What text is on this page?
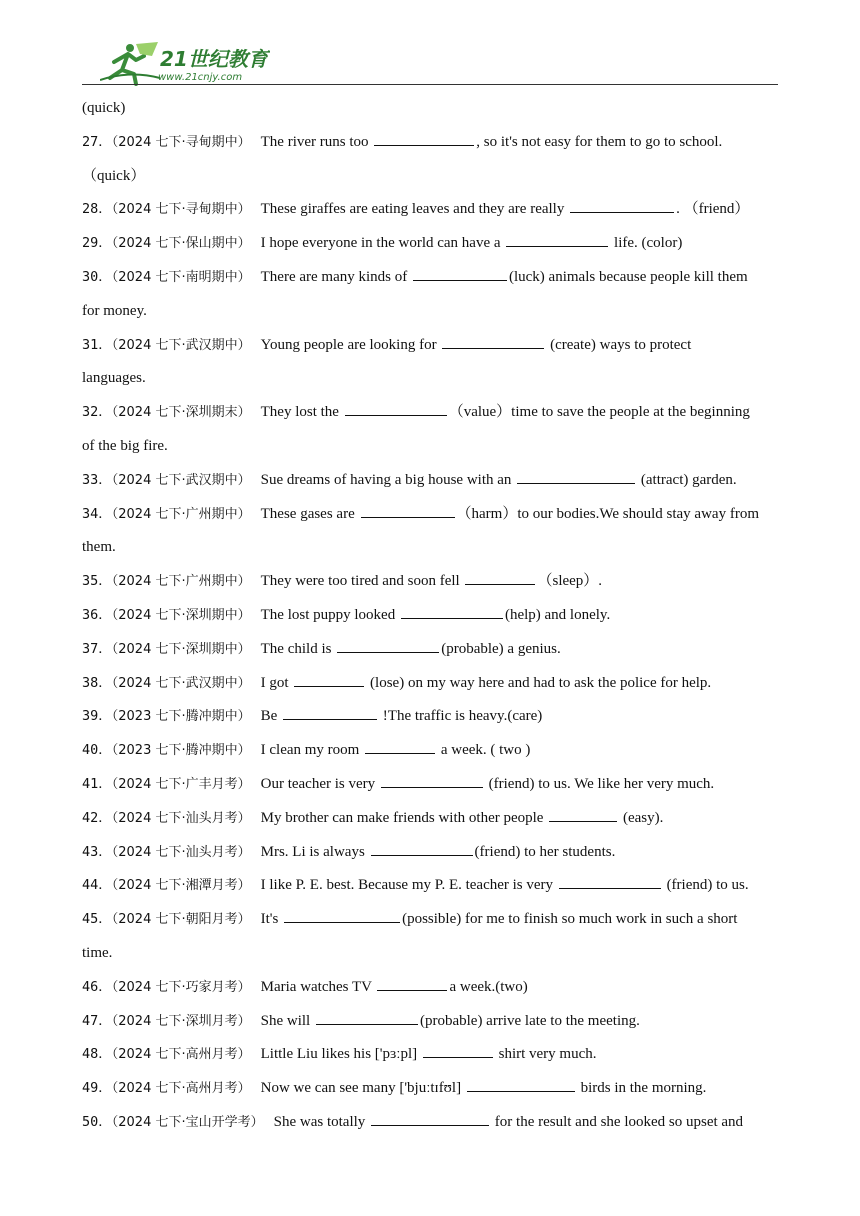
21世纪教育
www.21cnjy.com
(quick)
27．（2024 七下·寻甸期中） The river runs too	, so it's not easy for them to go to school.
（quick）
28．（2024 七下·寻甸期中） These giraffes are eating leaves and they are really	. （friend）
29．（2024 七下·保山期中） I hope everyone in the world can have a	life. (color)
30．（2024 七下·南明期中） There are many kinds of	(luck) animals because people kill them
for money.
31．（2024 七下·武汉期中） Young people are looking for	(create) ways to protect
languages.
32．（2024 七下·深圳期末） They lost the	（value）time to save the people at the beginning
of the big fire.
33．（2024 七下·武汉期中） Sue dreams of having a big house with an	(attract) garden.
34．（2024 七下·广州期中） These gases are	（harm）to our bodies.We should stay away from
them.
35．（2024 七下·广州期中） They were too tired and soon fell	（sleep）.
36．（2024 七下·深圳期中） The lost puppy looked	(help) and lonely.
37．（2024 七下·深圳期中） The child is	(probable) a genius.
38．（2024 七下·武汉期中） I got	(lose) on my way here and had to ask the police for help.
39．（2023 七下·腾冲期中） Be	!The traffic is heavy.(care)
40．（2023 七下·腾冲期中） I clean my room	a week. ( two )
41．（2024 七下·广丰月考） Our teacher is very	(friend) to us. We like her very much.
42．（2024 七下·汕头月考） My brother can make friends with other people	(easy).
43．（2024 七下·汕头月考） Mrs. Li is always	(friend) to her students.
44．（2024 七下·湘潭月考） I like P. E. best. Because my P. E. teacher is very	(friend) to us.
45．（2024 七下·朝阳月考） It's	(possible) for me to finish so much work in such a short
time.
46．（2024 七下·巧家月考） Maria watches TV	a week.(two)
47．（2024 七下·深圳月考） She will	(probable) arrive late to the meeting.
48．（2024 七下·高州月考） Little Liu likes his ['pɜːpl]	shirt very much.
49．（2024 七下·高州月考） Now we can see many ['bjuːtɪfʊl]	birds in the morning.
50．（2024 七下·宝山开学考） She was totally	for the result and she looked so upset and
